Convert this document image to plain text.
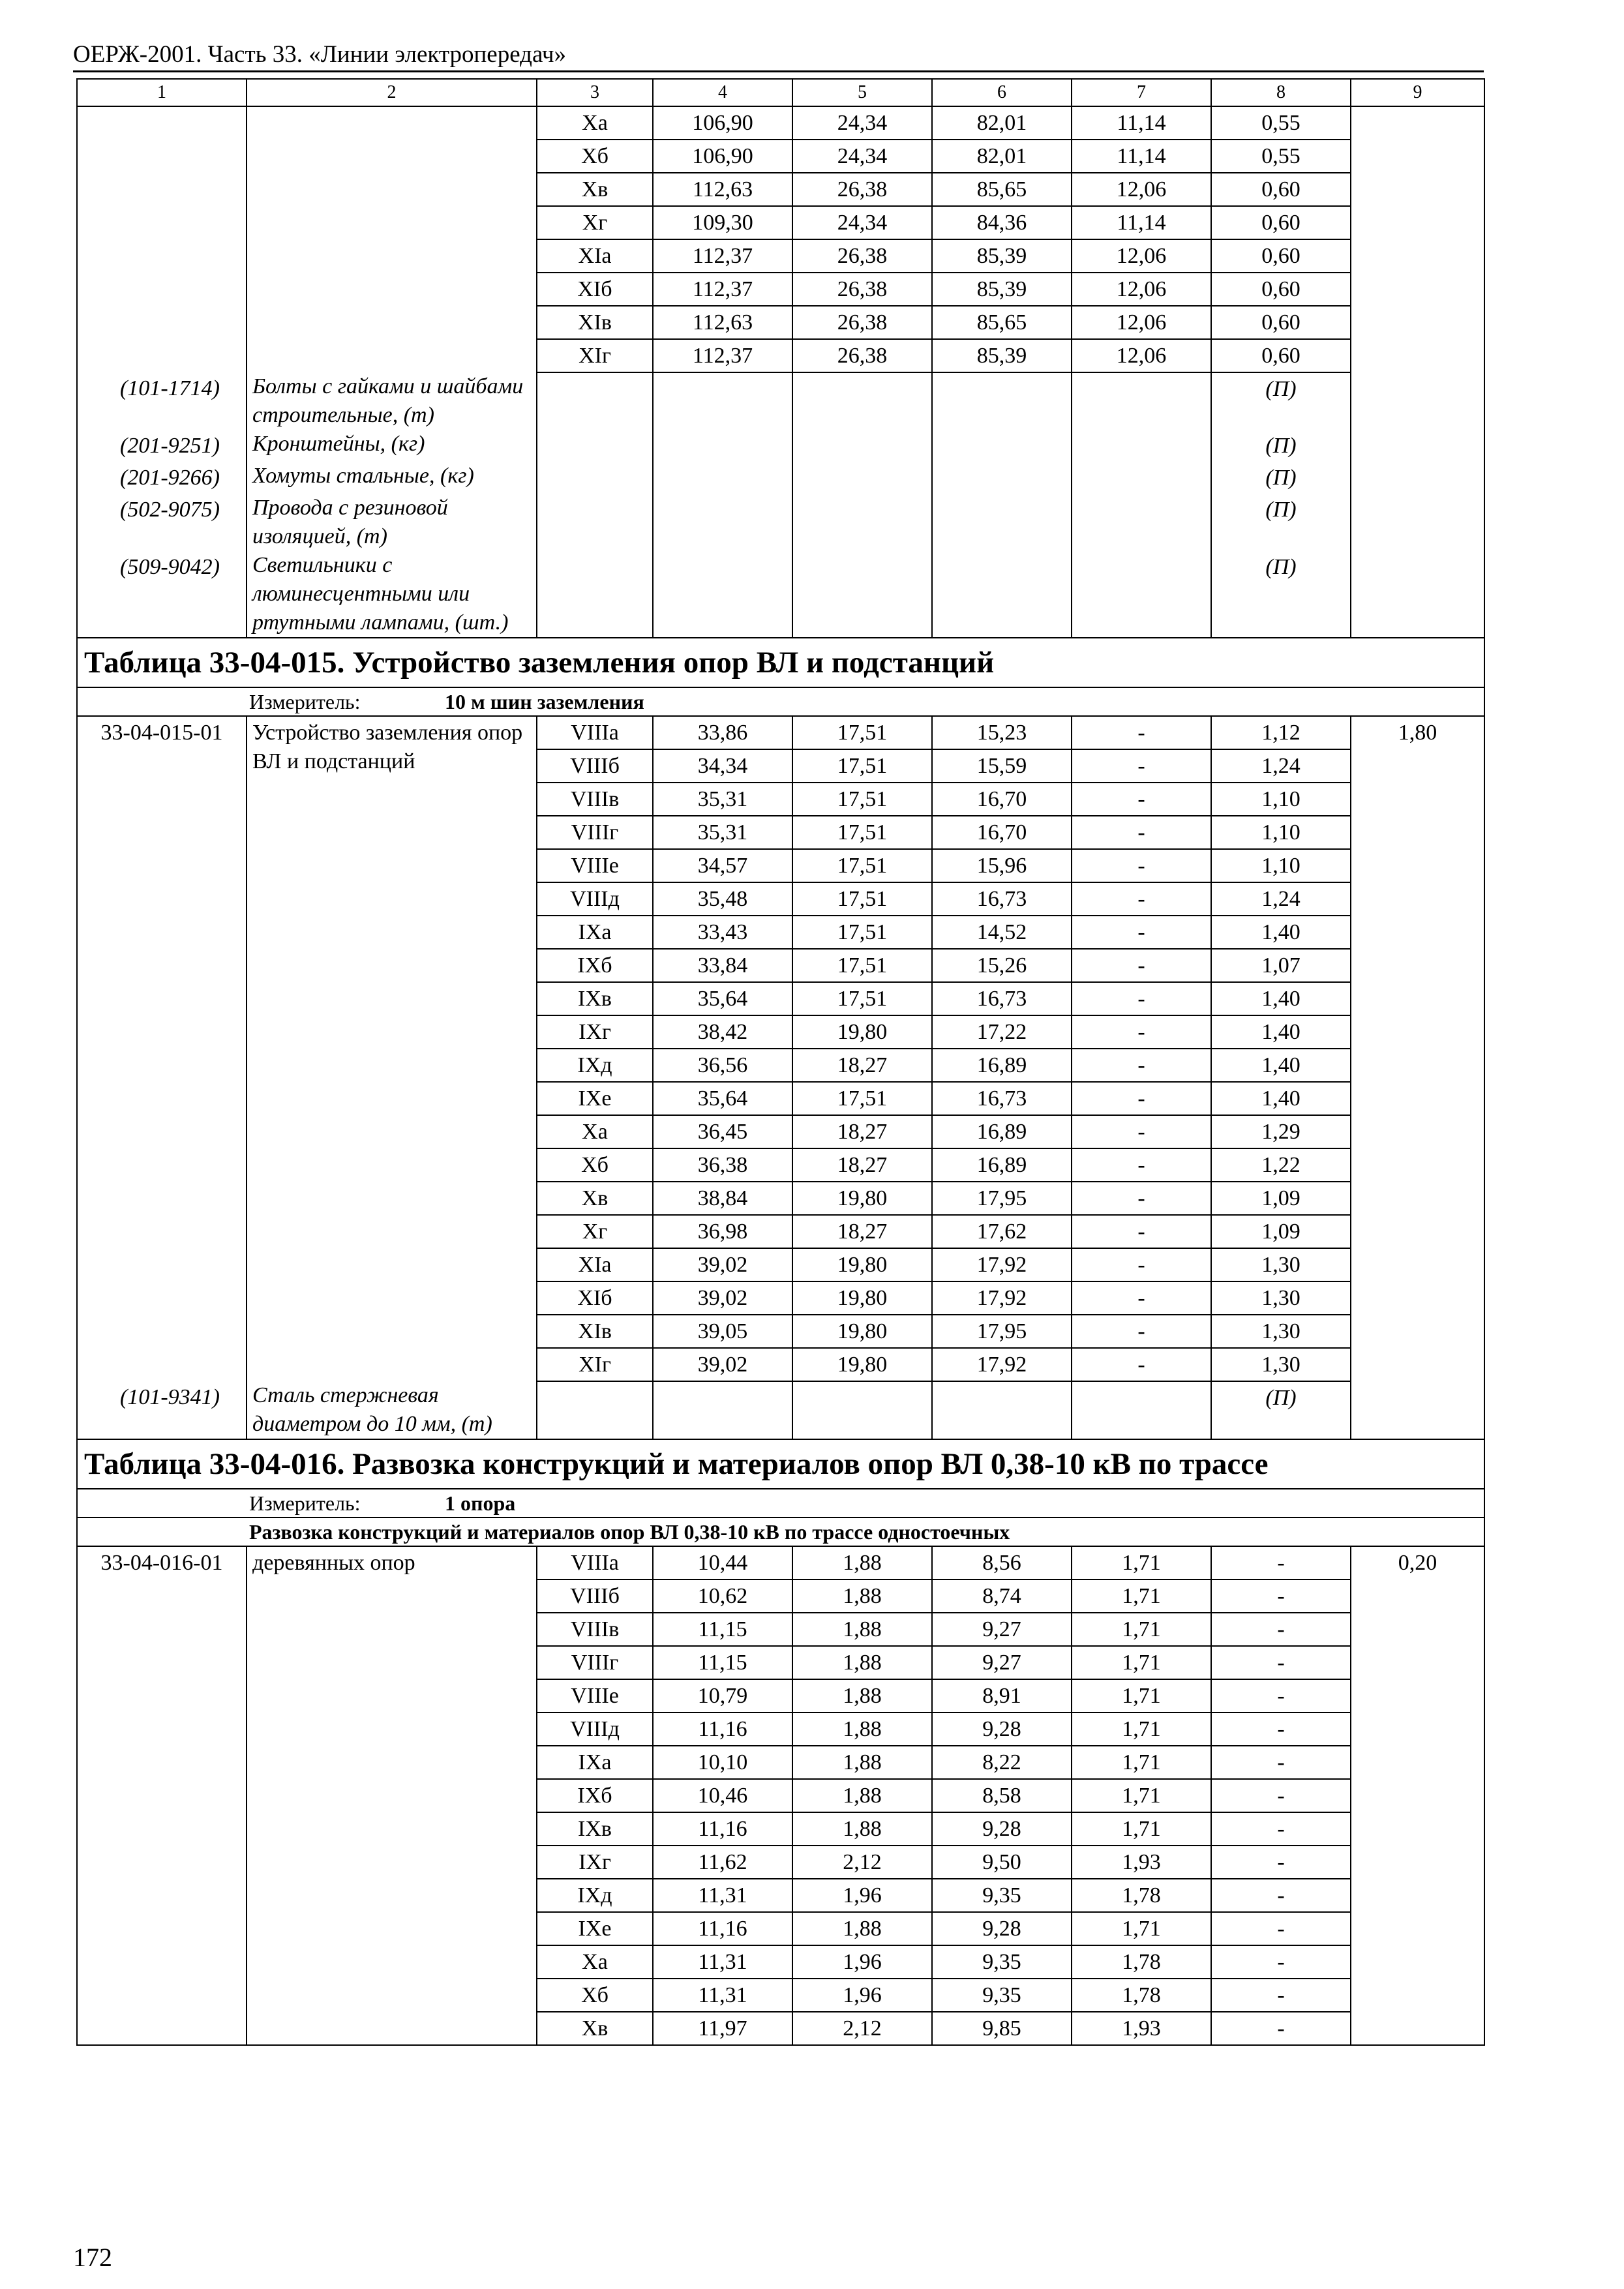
ОЕРЖ-2001. Часть 33. «Линии электропередач»
1	2	3	4	5	6	7	8	9
		Xa	106,90	24,34	82,01	11,14	0,55	
		Xб	106,90	24,34	82,01	11,14	0,55	
		Xв	112,63	26,38	85,65	12,06	0,60	
		Xг	109,30	24,34	84,36	11,14	0,60	
		XIa	112,37	26,38	85,39	12,06	0,60	
		XIб	112,37	26,38	85,39	12,06	0,60	
		XIв	112,63	26,38	85,65	12,06	0,60	
		XIг	112,37	26,38	85,39	12,06	0,60	
(101-1714)	Болты с гайками и шайбами строительные, (т)						(П)	
(201-9251)	Кронштейны, (кг)						(П)	
(201-9266)	Хомуты стальные, (кг)						(П)	
(502-9075)	Провода с резиновой изоляцией, (т)						(П)	
(509-9042)	Светильники с люминесцентными или ртутными лампами, (шт.)						(П)	
Таблица 33-04-015. Устройство заземления опор ВЛ и подстанций								
Измеритель: 10 м шин заземления								
33-04-015-01	Устройство заземления опор ВЛ и подстанций	VIIIa	33,86	17,51	15,23	-	1,12	1,80
		VIIIб	34,34	17,51	15,59	-	1,24	
		VIIIв	35,31	17,51	16,70	-	1,10	
		VIIIг	35,31	17,51	16,70	-	1,10	
		VIIIе	34,57	17,51	15,96	-	1,10	
		VIIIд	35,48	17,51	16,73	-	1,24	
		IXa	33,43	17,51	14,52	-	1,40	
		IXб	33,84	17,51	15,26	-	1,07	
		IXв	35,64	17,51	16,73	-	1,40	
		IXг	38,42	19,80	17,22	-	1,40	
		IXд	36,56	18,27	16,89	-	1,40	
		IXе	35,64	17,51	16,73	-	1,40	
		Xa	36,45	18,27	16,89	-	1,29	
		Xб	36,38	18,27	16,89	-	1,22	
		Xв	38,84	19,80	17,95	-	1,09	
		Xг	36,98	18,27	17,62	-	1,09	
		XIa	39,02	19,80	17,92	-	1,30	
		XIб	39,02	19,80	17,92	-	1,30	
		XIв	39,05	19,80	17,95	-	1,30	
		XIг	39,02	19,80	17,92	-	1,30	
(101-9341)	Сталь стержневая диаметром до 10 мм, (т)						(П)	
Таблица 33-04-016. Развозка конструкций и материалов опор ВЛ 0,38-10 кВ по трассе								
Измеритель: 1 опора								
Развозка конструкций и материалов опор ВЛ 0,38-10 кВ по трассе одностоечных								
33-04-016-01	деревянных опор	VIIIa	10,44	1,88	8,56	1,71	-	0,20
		VIIIб	10,62	1,88	8,74	1,71	-	
		VIIIв	11,15	1,88	9,27	1,71	-	
		VIIIг	11,15	1,88	9,27	1,71	-	
		VIIIе	10,79	1,88	8,91	1,71	-	
		VIIIд	11,16	1,88	9,28	1,71	-	
		IXa	10,10	1,88	8,22	1,71	-	
		IXб	10,46	1,88	8,58	1,71	-	
		IXв	11,16	1,88	9,28	1,71	-	
		IXг	11,62	2,12	9,50	1,93	-	
		IXд	11,31	1,96	9,35	1,78	-	
		IXе	11,16	1,88	9,28	1,71	-	
		Xa	11,31	1,96	9,35	1,78	-	
		Xб	11,31	1,96	9,35	1,78	-	
		Xв	11,97	2,12	9,85	1,93	-	
172
